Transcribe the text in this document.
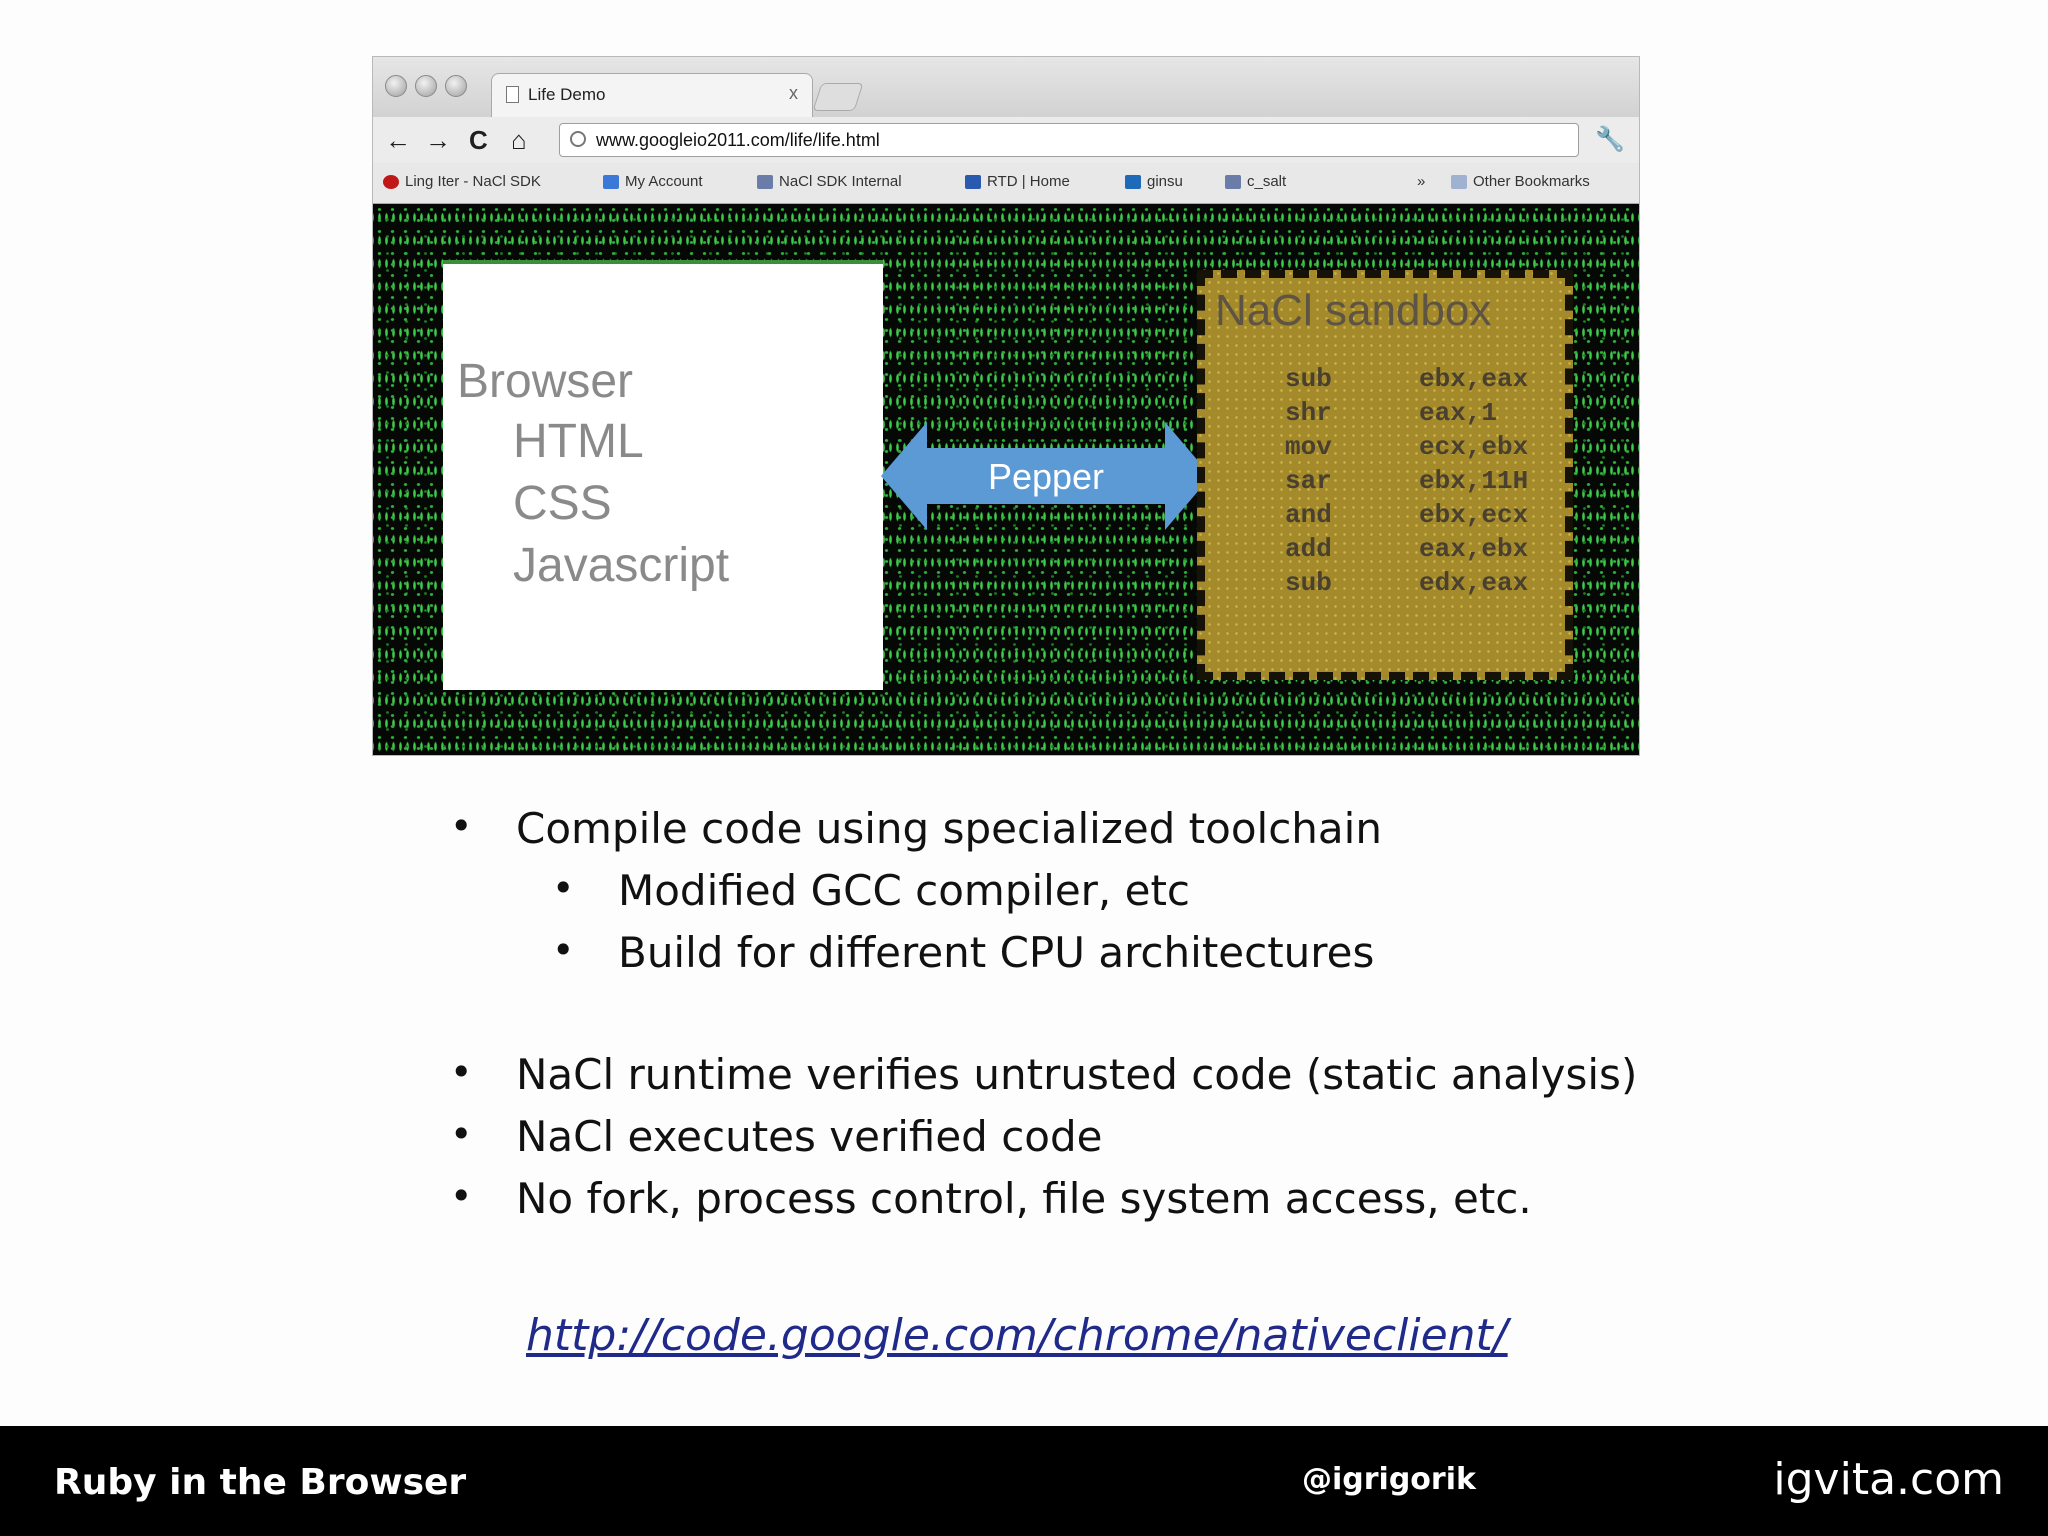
Life Demo	x
← → C ⌂	www.googleio2011.com/life/life.html	🔧
Ling Iter - NaCl SDK	My Account	NaCl SDK Internal	RTD | Home	ginsu	c_salt	»	Other Bookmarks
Browser
HTML
CSS
Javascript
Pepper
NaCl sandbox
sub	ebx,eax
shr	eax,1
mov	ecx,ebx
sar	ebx,11H
and	ebx,ecx
add	eax,ebx
sub	edx,eax
• Compile code using specialized toolchain
• Modified GCC compiler, etc
• Build for different CPU architectures
• NaCl runtime verifies untrusted code (static analysis)
• NaCl executes verified code
• No fork, process control, file system access, etc.
http://code.google.com/chrome/nativeclient/
Ruby in the Browser	@igrigorik	igvita.com
